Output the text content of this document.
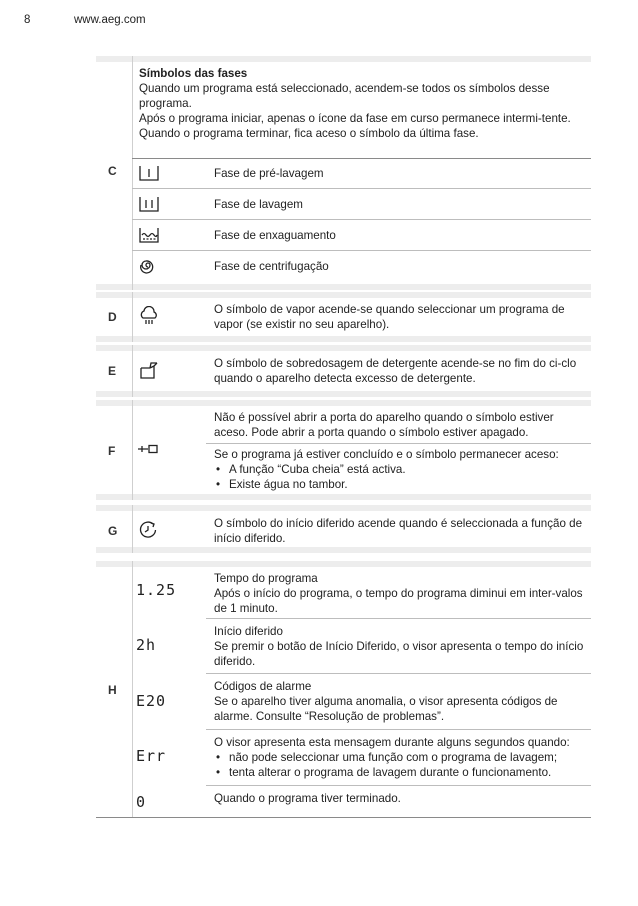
8	www.aeg.com
C
Símbolos das fases
Quando um programa está seleccionado, acendem-se todos os símbolos desse programa.
Após o programa iniciar, apenas o ícone da fase em curso permanece intermi-tente.
Quando o programa terminar, fica aceso o símbolo da última fase.
Fase de pré-lavagem
Fase de lavagem
Fase de enxaguamento
Fase de centrifugação
D
O símbolo de vapor acende-se quando seleccionar um programa de vapor (se existir no seu aparelho).
E
O símbolo de sobredosagem de detergente acende-se no fim do ci-clo quando o aparelho detecta excesso de detergente.
F
Não é possível abrir a porta do aparelho quando o símbolo estiver aceso. Pode abrir a porta quando o símbolo estiver apagado.
Se o programa já estiver concluído e o símbolo permanecer aceso:
• A função “Cuba cheia” está activa.
• Existe água no tambor.
G
O símbolo do início diferido acende quando é seleccionada a função de início diferido.
H
1.25
Tempo do programa
Após o início do programa, o tempo do programa diminui em inter-valos de 1 minuto.
2h
Início diferido
Se premir o botão de Início Diferido, o visor apresenta o tempo do início diferido.
E20
Códigos de alarme
Se o aparelho tiver alguma anomalia, o visor apresenta códigos de alarme. Consulte “Resolução de problemas”.
Err
O visor apresenta esta mensagem durante alguns segundos quando:
• não pode seleccionar uma função com o programa de lavagem;
• tenta alterar o programa de lavagem durante o funcionamento.
0	Quando o programa tiver terminado.
